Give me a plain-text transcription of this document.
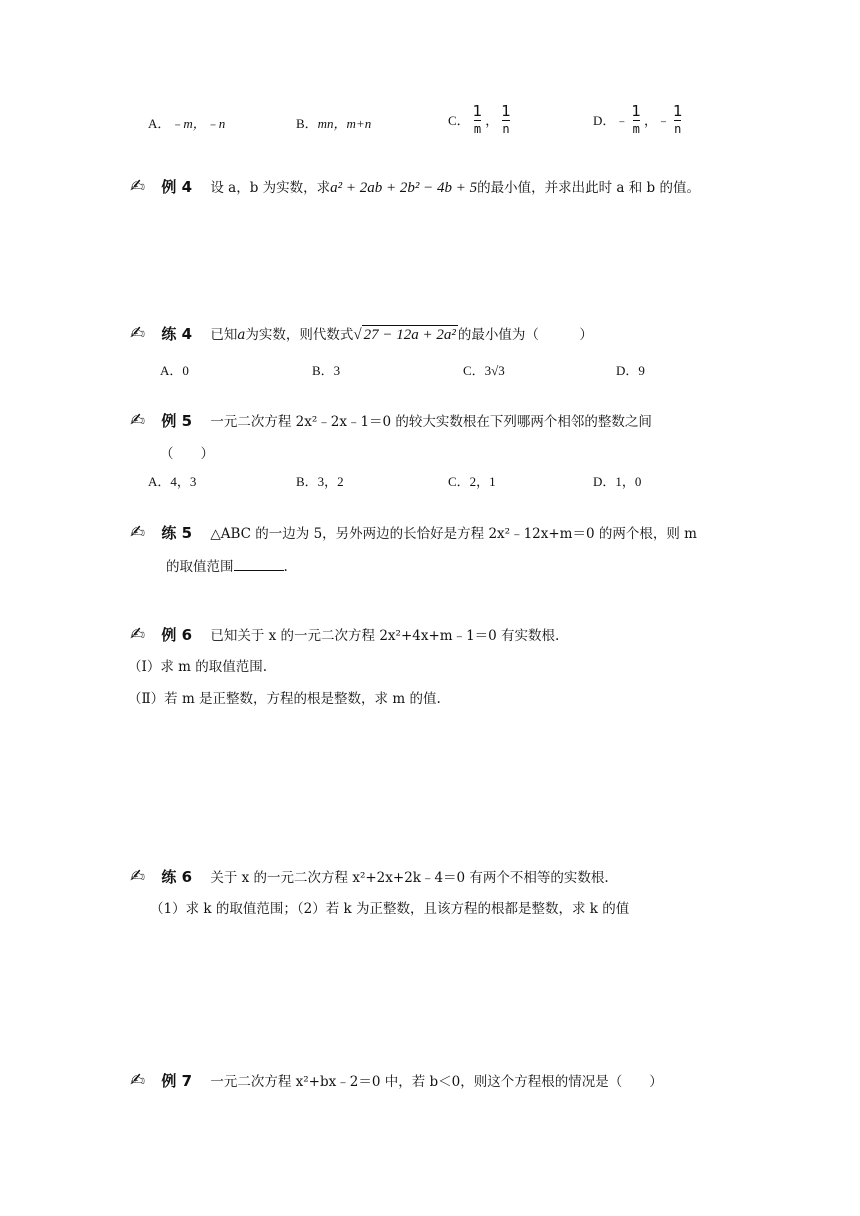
A．﹣m，﹣n	B．mn，m+n	C． $\frac{1}{m}$ ， $\frac{1}{n}$	D．﹣ $\frac{1}{m}$ ，﹣ $\frac{1}{n}$
✍ 例 4 设 a，b 为实数，求a² + 2ab + 2b² − 4b + 5的最小值，并求出此时 a 和 b 的值。
✍ 练 4 已知a为实数，则代数式√ 27 − 12a + 2a² 的最小值为（　　　）
A．0	B．3	C．3√3	D．9
✍ 例 5 一元二次方程 2x²﹣2x﹣1＝0 的较大实数根在下列哪两个相邻的整数之间
（　　）
A．4，3	B．3，2	C．2，1	D．1，0
✍ 练 5 △ABC 的一边为 5，另外两边的长恰好是方程 2x²﹣12x+m＝0 的两个根，则 m
的取值范围	.
✍ 例 6 已知关于 x 的一元二次方程 2x²+4x+m﹣1＝0 有实数根.
（Ⅰ）求 m 的取值范围.
（Ⅱ）若 m 是正整数，方程的根是整数，求 m 的值.
✍ 练 6 关于 x 的一元二次方程 x²+2x+2k﹣4＝0 有两个不相等的实数根.
（1）求 k 的取值范围；（2）若 k 为正整数，且该方程的根都是整数，求 k 的值
✍ 例 7 一元二次方程 x²+bx﹣2＝0 中，若 b＜0，则这个方程根的情况是（　　）
